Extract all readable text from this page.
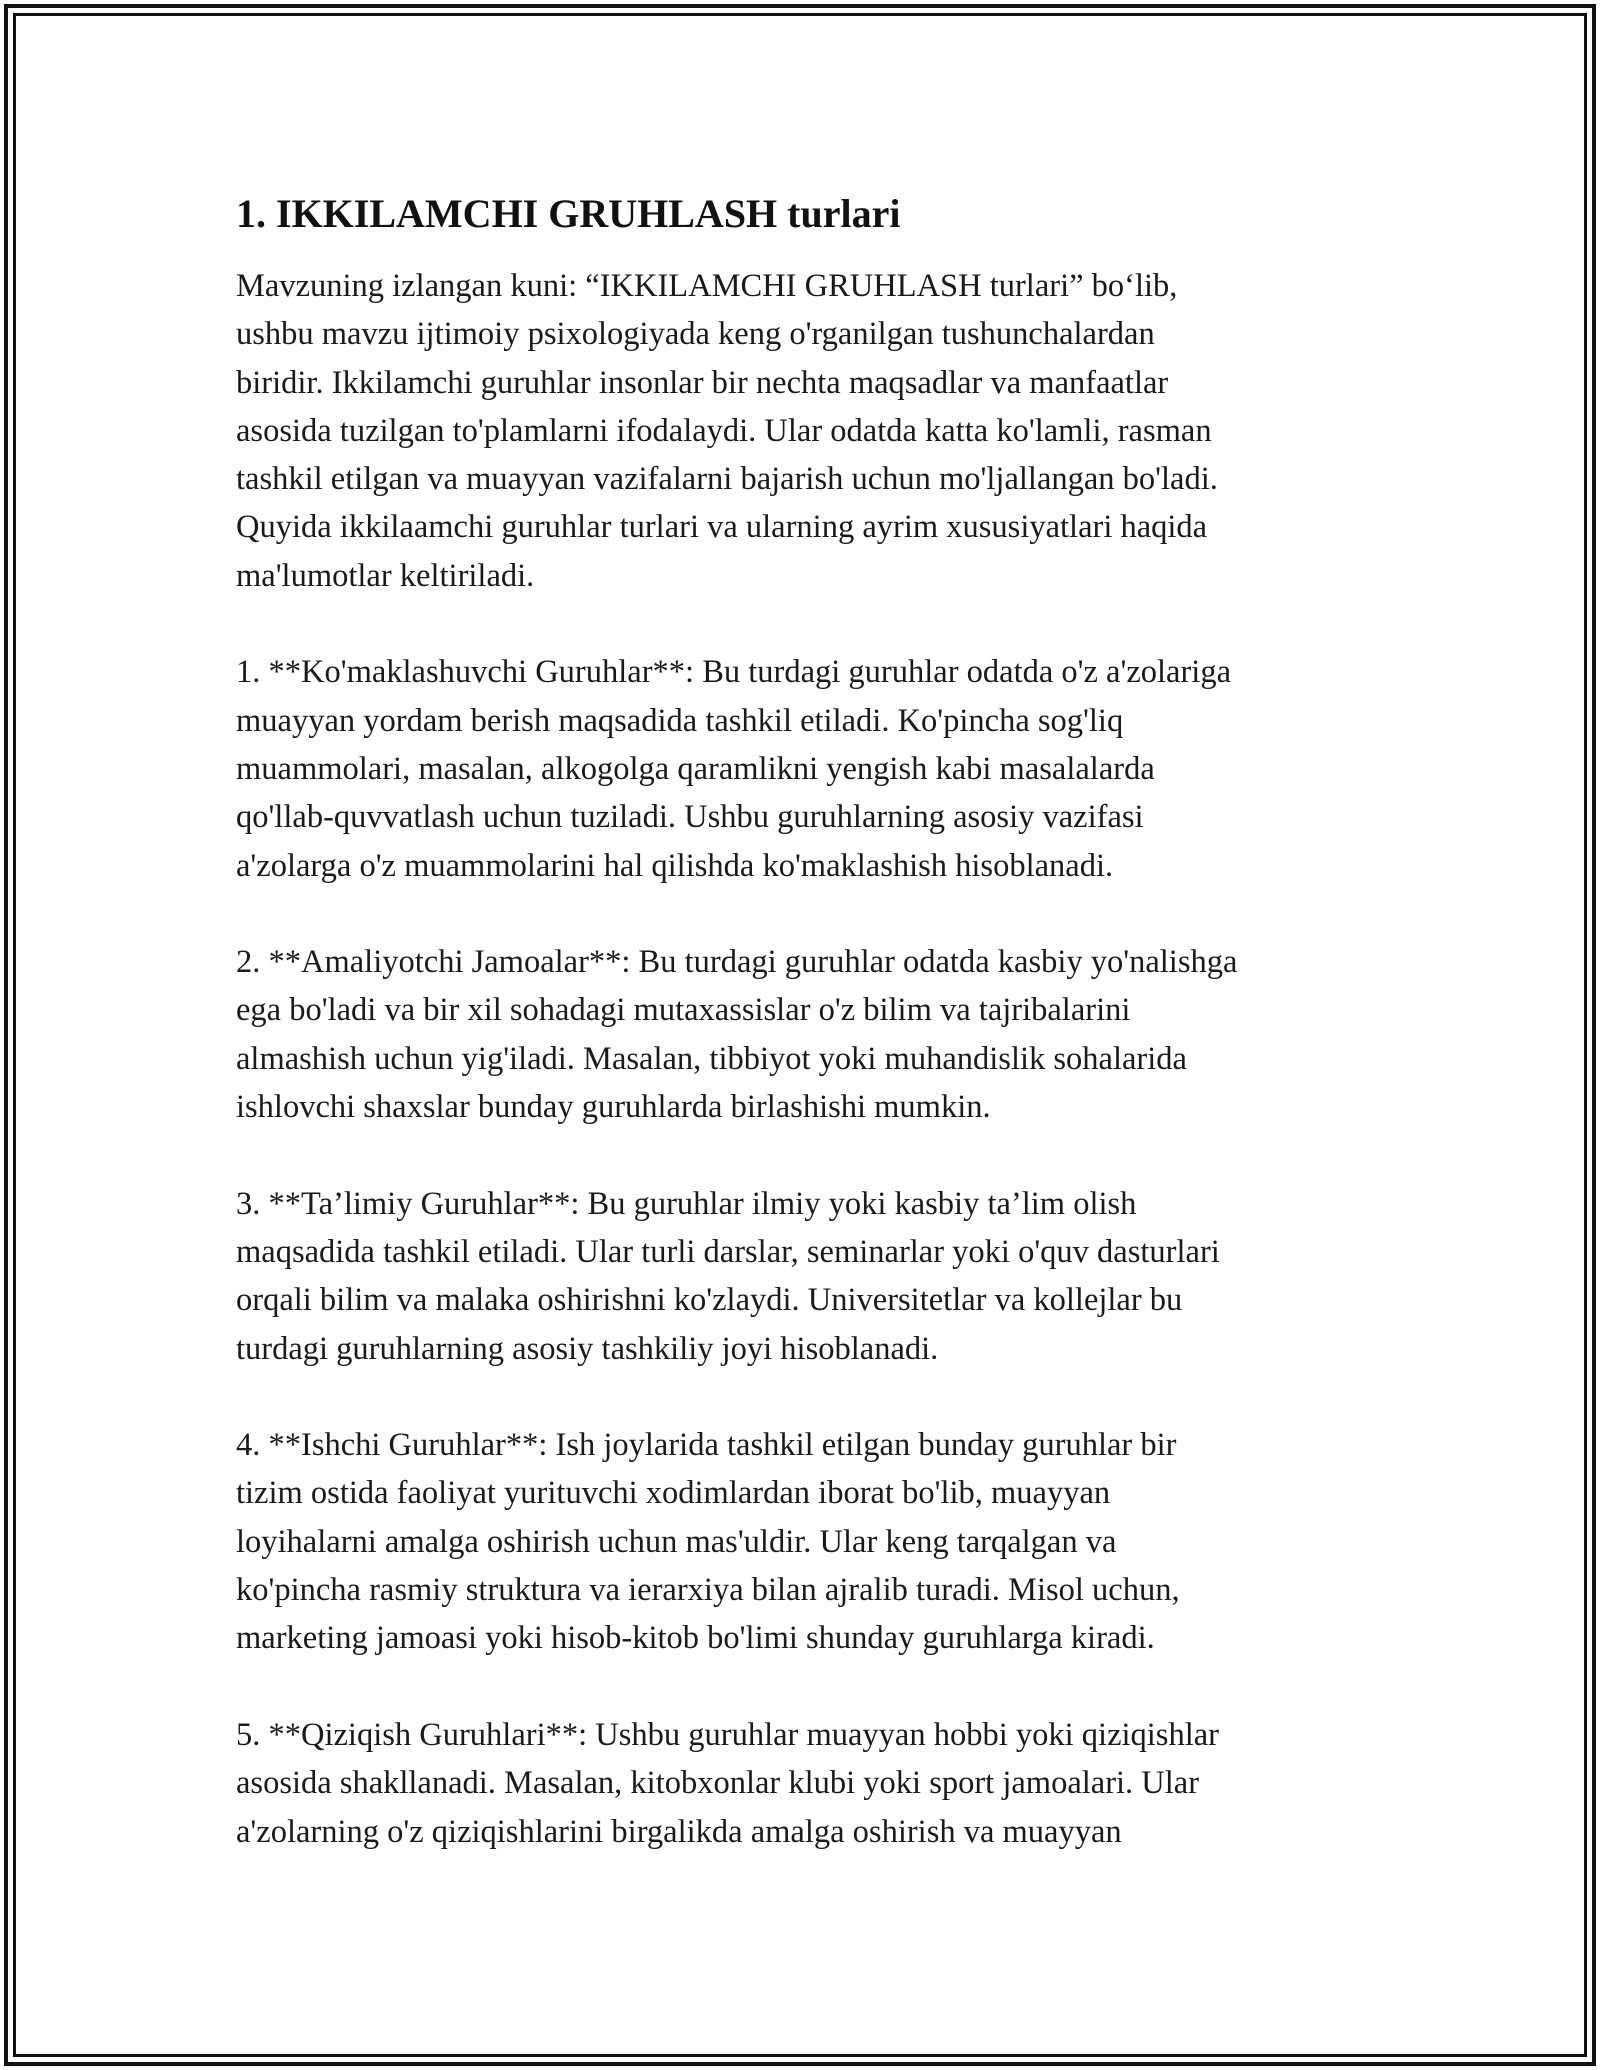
1. IKKILAMCHI GRUHLASH turlari

Mavzuning izlangan kuni: “IKKILAMCHI GRUHLASH turlari” bo‘lib,
ushbu mavzu ijtimoiy psixologiyada keng o'rganilgan tushunchalardan
biridir. Ikkilamchi guruhlar insonlar bir nechta maqsadlar va manfaatlar
asosida tuzilgan to'plamlarni ifodalaydi. Ular odatda katta ko'lamli, rasman
tashkil etilgan va muayyan vazifalarni bajarish uchun mo'ljallangan bo'ladi.
Quyida ikkilaamchi guruhlar turlari va ularning ayrim xususiyatlari haqida
ma'lumotlar keltiriladi.

1. **Ko'maklashuvchi Guruhlar**: Bu turdagi guruhlar odatda o'z a'zolariga
muayyan yordam berish maqsadida tashkil etiladi. Ko'pincha sog'liq
muammolari, masalan, alkogolga qaramlikni yengish kabi masalalarda
qo'llab-quvvatlash uchun tuziladi. Ushbu guruhlarning asosiy vazifasi
a'zolarga o'z muammolarini hal qilishda ko'maklashish hisoblanadi.

2. **Amaliyotchi Jamoalar**: Bu turdagi guruhlar odatda kasbiy yo'nalishga
ega bo'ladi va bir xil sohadagi mutaxassislar o'z bilim va tajribalarini
almashish uchun yig'iladi. Masalan, tibbiyot yoki muhandislik sohalarida
ishlovchi shaxslar bunday guruhlarda birlashishi mumkin.

3. **Ta’limiy Guruhlar**: Bu guruhlar ilmiy yoki kasbiy ta’lim olish
maqsadida tashkil etiladi. Ular turli darslar, seminarlar yoki o'quv dasturlari
orqali bilim va malaka oshirishni ko'zlaydi. Universitetlar va kollejlar bu
turdagi guruhlarning asosiy tashkiliy joyi hisoblanadi.

4. **Ishchi Guruhlar**: Ish joylarida tashkil etilgan bunday guruhlar bir
tizim ostida faoliyat yurituvchi xodimlardan iborat bo'lib, muayyan
loyihalarni amalga oshirish uchun mas'uldir. Ular keng tarqalgan va
ko'pincha rasmiy struktura va ierarxiya bilan ajralib turadi. Misol uchun,
marketing jamoasi yoki hisob-kitob bo'limi shunday guruhlarga kiradi.

5. **Qiziqish Guruhlari**: Ushbu guruhlar muayyan hobbi yoki qiziqishlar
asosida shakllanadi. Masalan, kitobxonlar klubi yoki sport jamoalari. Ular
a'zolarning o'z qiziqishlarini birgalikda amalga oshirish va muayyan
